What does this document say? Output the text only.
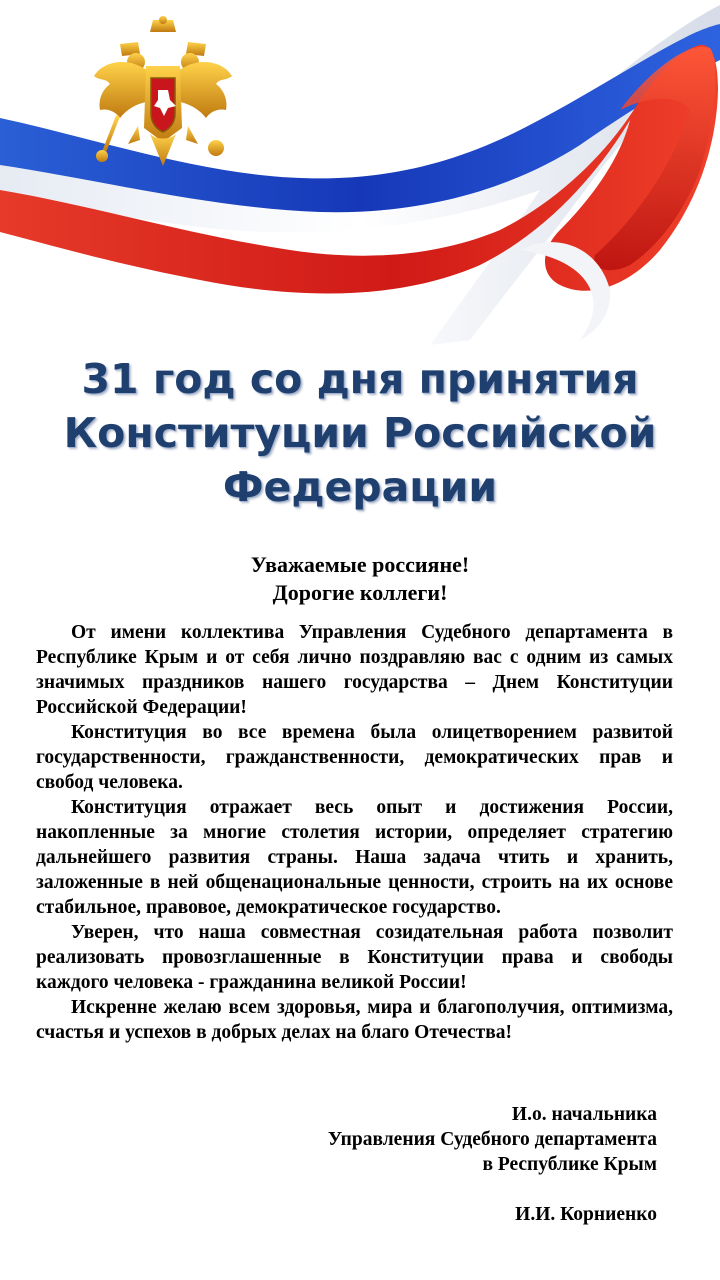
31 год со дня принятия
Конституции Российской
Федерации
Уважаемые россияне!
Дорогие коллеги!

От имени коллектива Управления Судебного департамента в Республике Крым и от себя лично поздравляю вас с одним из самых значимых праздников нашего государства – Днем Конституции Российской Федерации!

Конституция во все времена была олицетворением развитой государственности, гражданственности, демократических прав и свобод человека.

Конституция отражает весь опыт и достижения России, накопленные за многие столетия истории, определяет стратегию дальнейшего развития страны. Наша задача чтить и хранить, заложенные в ней общенациональные ценности, строить на их основе стабильное, правовое, демократическое государство.

Уверен, что наша совместная созидательная работа позволит реализовать провозглашенные в Конституции права и свободы каждого человека - гражданина великой России!

Искренне желаю всем здоровья, мира и благополучия, оптимизма, счастья и успехов в добрых делах на благо Отечества!

И.о. начальника
Управления Судебного департамента
в Республике Крым
И.И. Корниенко
